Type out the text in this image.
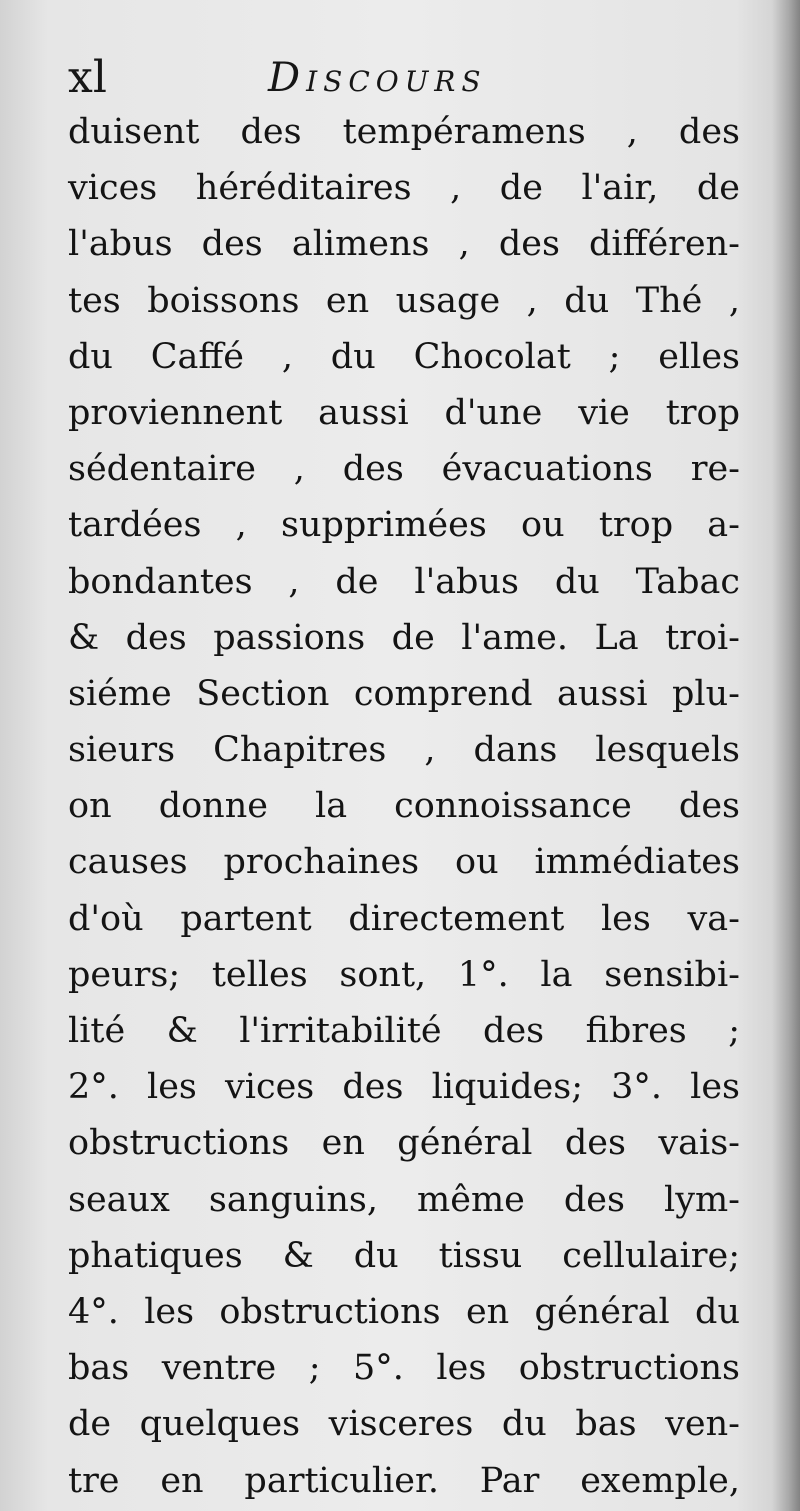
xl	Discours
duisent des tempéramens , des
vices héréditaires , de l'air, de
l'abus des alimens , des différen-
tes boissons en usage , du Thé ,
du Caffé , du Chocolat ; elles
proviennent aussi d'une vie trop
sédentaire , des évacuations re-
tardées , supprimées ou trop a-
bondantes , de l'abus du Tabac
& des passions de l'ame. La troi-
siéme Section comprend aussi plu-
sieurs Chapitres , dans lesquels
on donne la connoissance des
causes prochaines ou immédiates
d'où partent directement les va-
peurs; telles sont, 1°. la sensibi-
lité & l'irritabilité des fibres ;
2°. les vices des liquides; 3°. les
obstructions en général des vais-
seaux sanguins, même des lym-
phatiques & du tissu cellulaire;
4°. les obstructions en général du
bas ventre ; 5°. les obstructions
de quelques visceres du bas ven-
tre en particulier. Par exemple,
